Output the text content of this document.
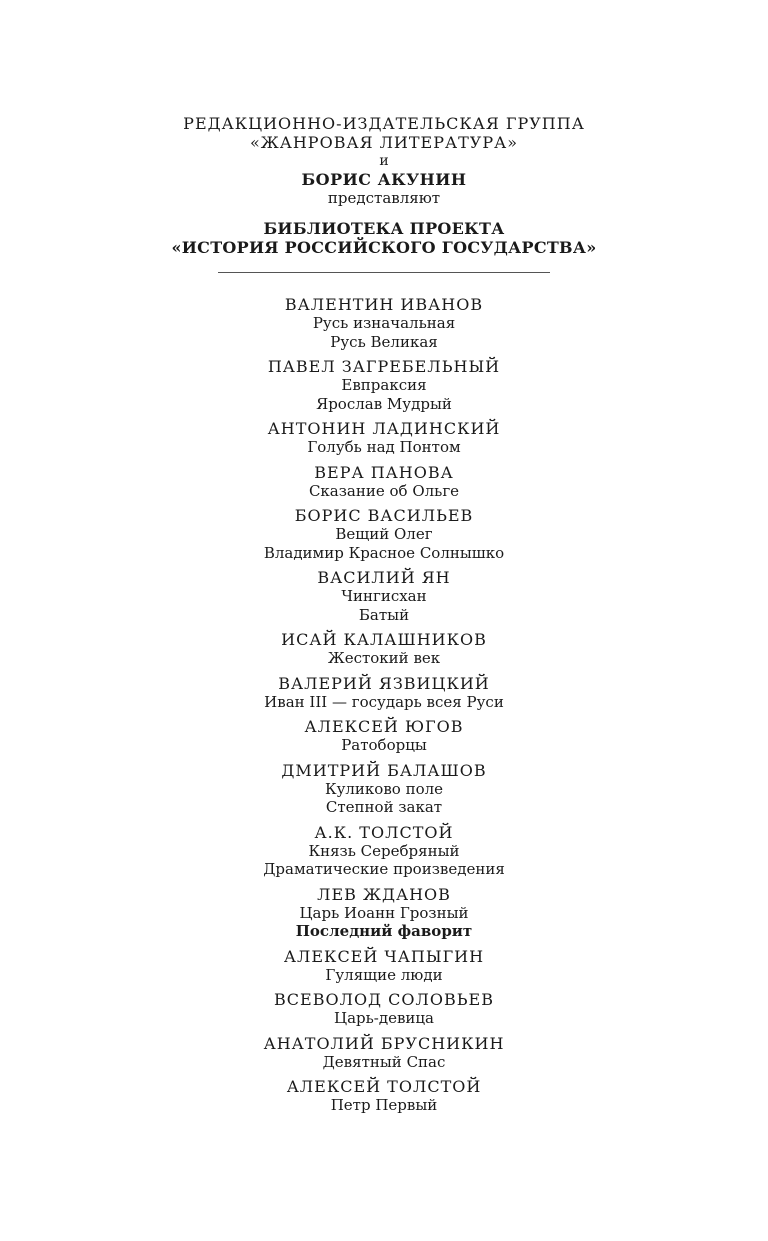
РЕДАКЦИОННО-ИЗДАТЕЛЬСКАЯ ГРУППА
«ЖАНРОВАЯ ЛИТЕРАТУРА»
и
БОРИС АКУНИН
представляют
БИБЛИОТЕКА ПРОЕКТА
«ИСТОРИЯ РОССИЙСКОГО ГОСУДАРСТВА»
ВАЛЕНТИН ИВАНОВ
Русь изначальная
Русь Великая
ПАВЕЛ ЗАГРЕБЕЛЬНЫЙ
Евпраксия
Ярослав Мудрый
АНТОНИН ЛАДИНСКИЙ
Голубь над Понтом
ВЕРА ПАНОВА
Сказание об Ольге
БОРИС ВАСИЛЬЕВ
Вещий Олег
Владимир Красное Солнышко
ВАСИЛИЙ ЯН
Чингисхан
Батый
ИСАЙ КАЛАШНИКОВ
Жестокий век
ВАЛЕРИЙ ЯЗВИЦКИЙ
Иван III — государь всея Руси
АЛЕКСЕЙ ЮГОВ
Ратоборцы
ДМИТРИЙ БАЛАШОВ
Куликово поле
Степной закат
А.К. ТОЛСТОЙ
Князь Серебряный
Драматические произведения
ЛЕВ ЖДАНОВ
Царь Иоанн Грозный
Последний фаворит
АЛЕКСЕЙ ЧАПЫГИН
Гулящие люди
ВСЕВОЛОД СОЛОВЬЕВ
Царь-девица
АНАТОЛИЙ БРУСНИКИН
Девятный Спас
АЛЕКСЕЙ ТОЛСТОЙ
Петр Первый
